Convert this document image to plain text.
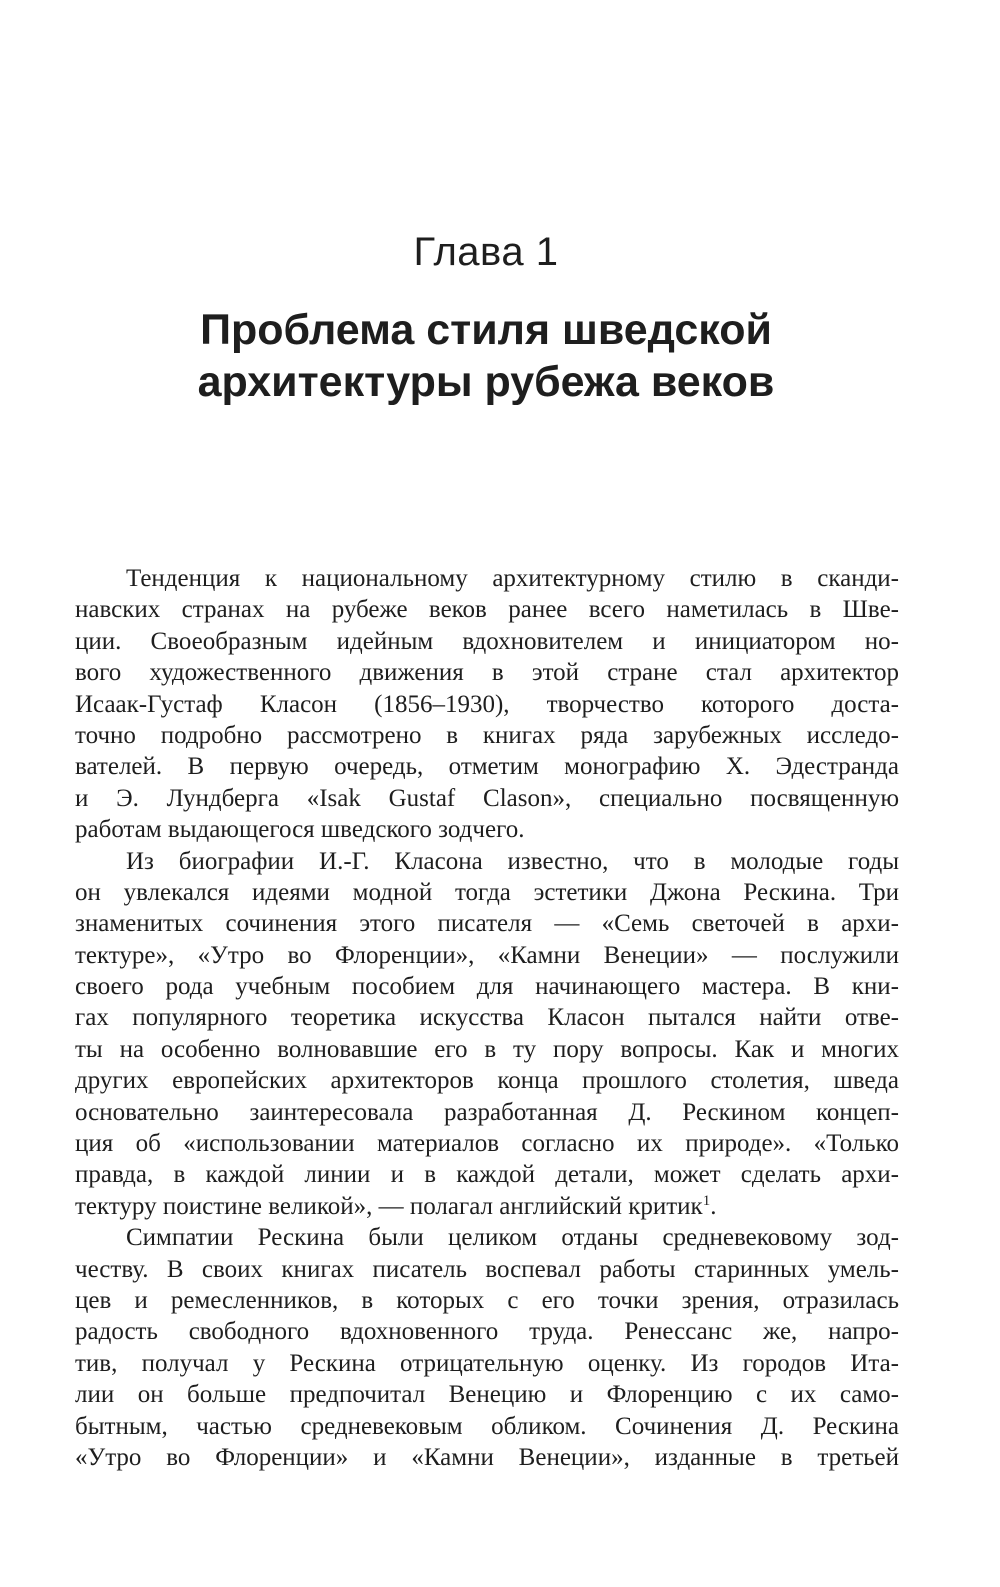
Глава 1
Проблема стиля шведской
архитектуры рубежа веков
Тенденция к национальному архитектурному стилю в сканди-
навских странах на рубеже веков ранее всего наметилась в Шве-
ции. Своеобразным идейным вдохновителем и инициатором но-
вого художественного движения в этой стране стал архитектор
Исаак-Густаф Класон (1856–1930), творчество которого доста-
точно подробно рассмотрено в книгах ряда зарубежных исследо-
вателей. В первую очередь, отметим монографию Х. Эдестранда
и Э. Лундберга «Isak Gustaf Clason», специально посвященную
работам выдающегося шведского зодчего.
Из биографии И.-Г. Класона известно, что в молодые годы
он увлекался идеями модной тогда эстетики Джона Рескина. Три
знаменитых сочинения этого писателя — «Семь светочей в архи-
тектуре», «Утро во Флоренции», «Камни Венеции» — послужили
своего рода учебным пособием для начинающего мастера. В кни-
гах популярного теоретика искусства Класон пытался найти отве-
ты на особенно волновавшие его в ту пору вопросы. Как и многих
других европейских архитекторов конца прошлого столетия, шведа
основательно заинтересовала разработанная Д. Рескином концеп-
ция об «использовании материалов согласно их природе». «Только
правда, в каждой линии и в каждой детали, может сделать архи-
тектуру поистине великой», — полагал английский критик$^1$.
Симпатии Рескина были целиком отданы средневековому зод-
честву. В своих книгах писатель воспевал работы старинных умель-
цев и ремесленников, в которых с его точки зрения, отразилась
радость свободного вдохновенного труда. Ренессанс же, напро-
тив, получал у Рескина отрицательную оценку. Из городов Ита-
лии он больше предпочитал Венецию и Флоренцию с их само-
бытным, частью средневековым обликом. Сочинения Д. Рескина
«Утро во Флоренции» и «Камни Венеции», изданные в третьей
